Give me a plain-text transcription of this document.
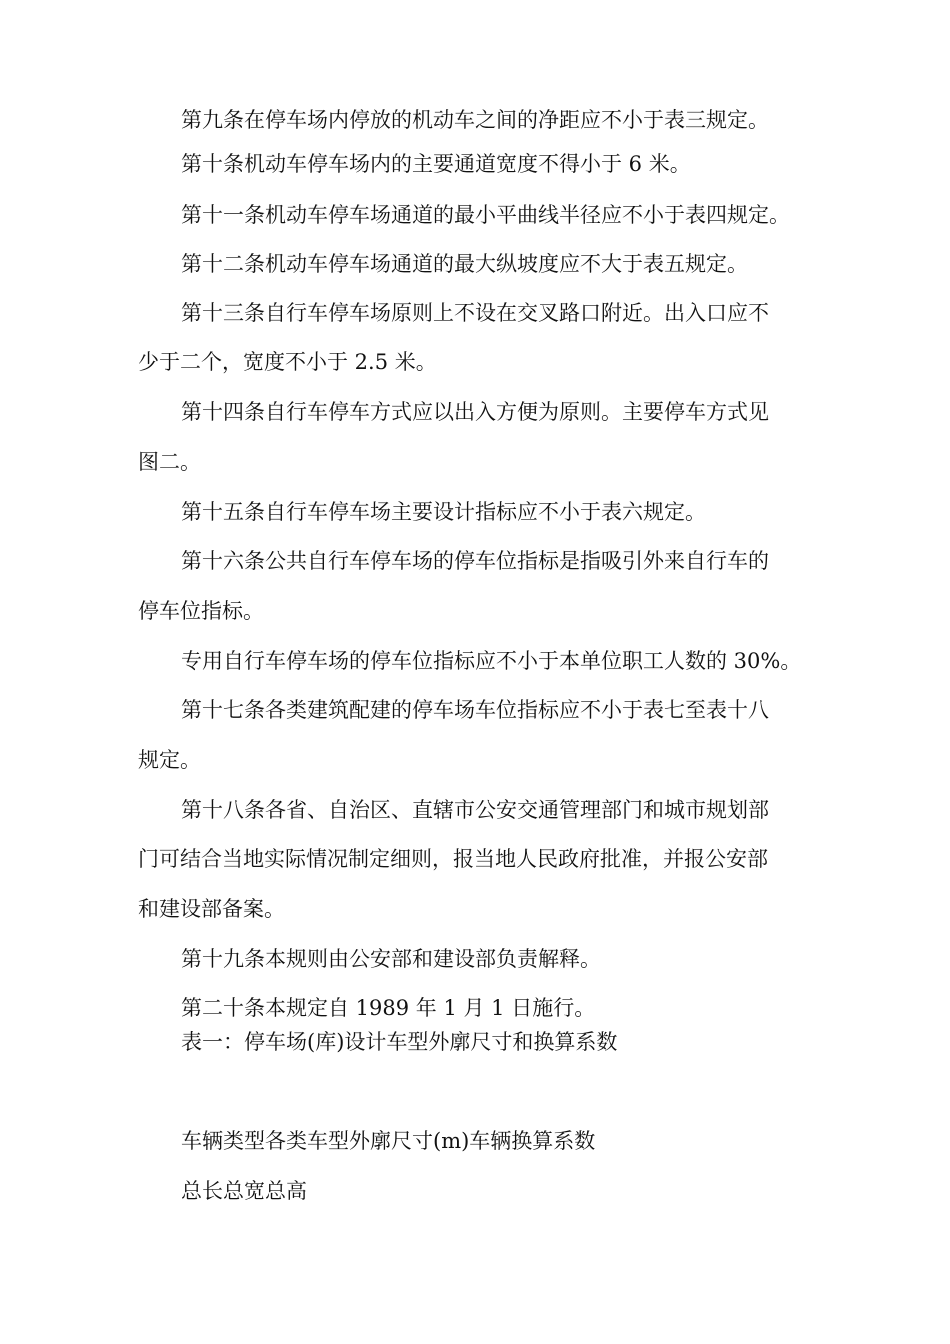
第九条在停车场内停放的机动车之间的净距应不小于表三规定。

第十条机动车停车场内的主要通道宽度不得小于 6 米。

第十一条机动车停车场通道的最小平曲线半径应不小于表四规定。

第十二条机动车停车场通道的最大纵坡度应不大于表五规定。

第十三条自行车停车场原则上不设在交叉路口附近。出入口应不

少于二个，宽度不小于 2.5 米。

第十四条自行车停车方式应以出入方便为原则。主要停车方式见

图二。

第十五条自行车停车场主要设计指标应不小于表六规定。

第十六条公共自行车停车场的停车位指标是指吸引外来自行车的

停车位指标。

专用自行车停车场的停车位指标应不小于本单位职工人数的 30%。

第十七条各类建筑配建的停车场车位指标应不小于表七至表十八

规定。

第十八条各省、自治区、直辖市公安交通管理部门和城市规划部

门可结合当地实际情况制定细则，报当地人民政府批准，并报公安部

和建设部备案。

第十九条本规则由公安部和建设部负责解释。

第二十条本规定自 1989 年 1 月 1 日施行。

表一：停车场(库)设计车型外廓尺寸和换算系数

车辆类型各类车型外廓尺寸(m)车辆换算系数

总长总宽总高
